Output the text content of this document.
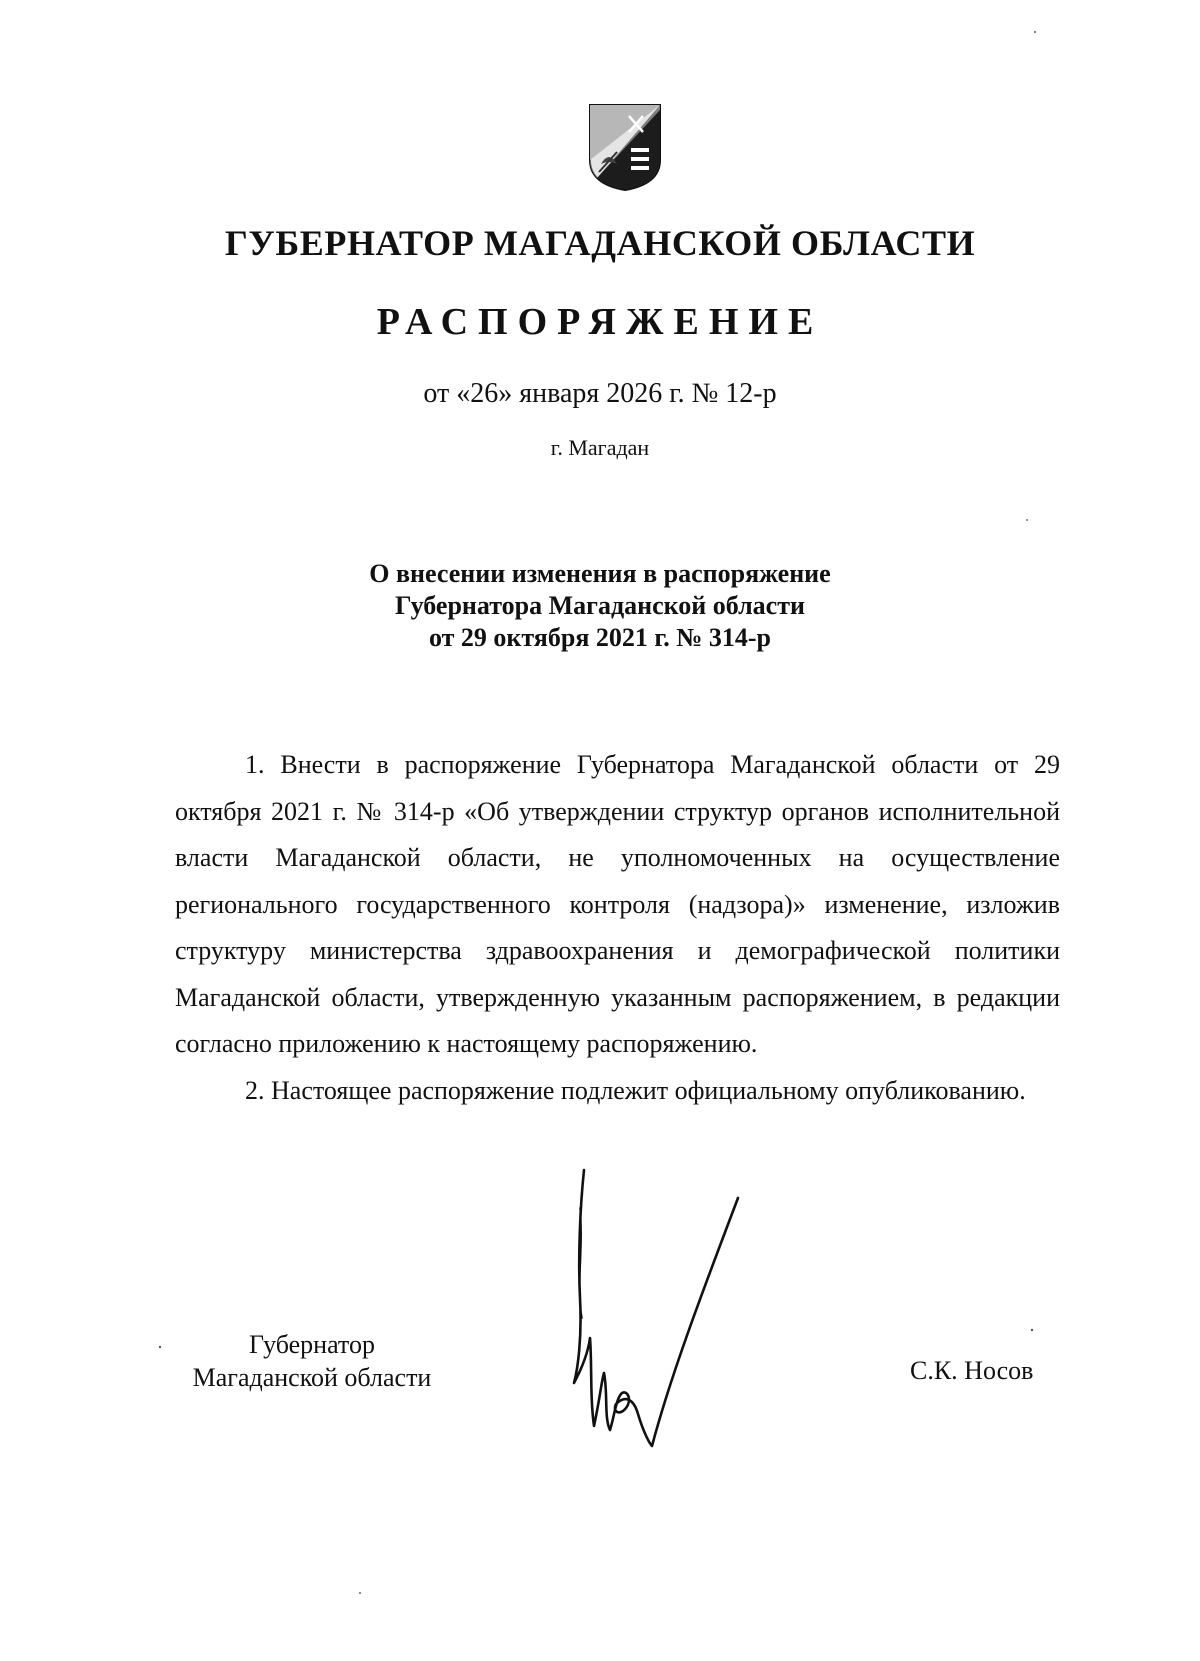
ГУБЕРНАТОР МАГАДАНСКОЙ ОБЛАСТИ
РАСПОРЯЖЕНИЕ
от «26» января 2026 г. № 12-р
г. Магадан
О внесении изменения в распоряжение
Губернатора Магаданской области
от 29 октября 2021 г. № 314-р

1. Внести в распоряжение Губернатора Магаданской области от 29 октября 2021 г. № 314-р «Об утверждении структур органов исполнительной власти Магаданской области, не уполномоченных на осуществление регионального государственного контроля (надзора)» изменение, изложив структуру министерства здравоохранения и демографической политики Магаданской области, утвержденную указанным распоряжением, в редакции согласно приложению к настоящему распоряжению.

2. Настоящее распоряжение подлежит официальному опубликованию.

Губернатор
Магаданской области	С.К. Носов
